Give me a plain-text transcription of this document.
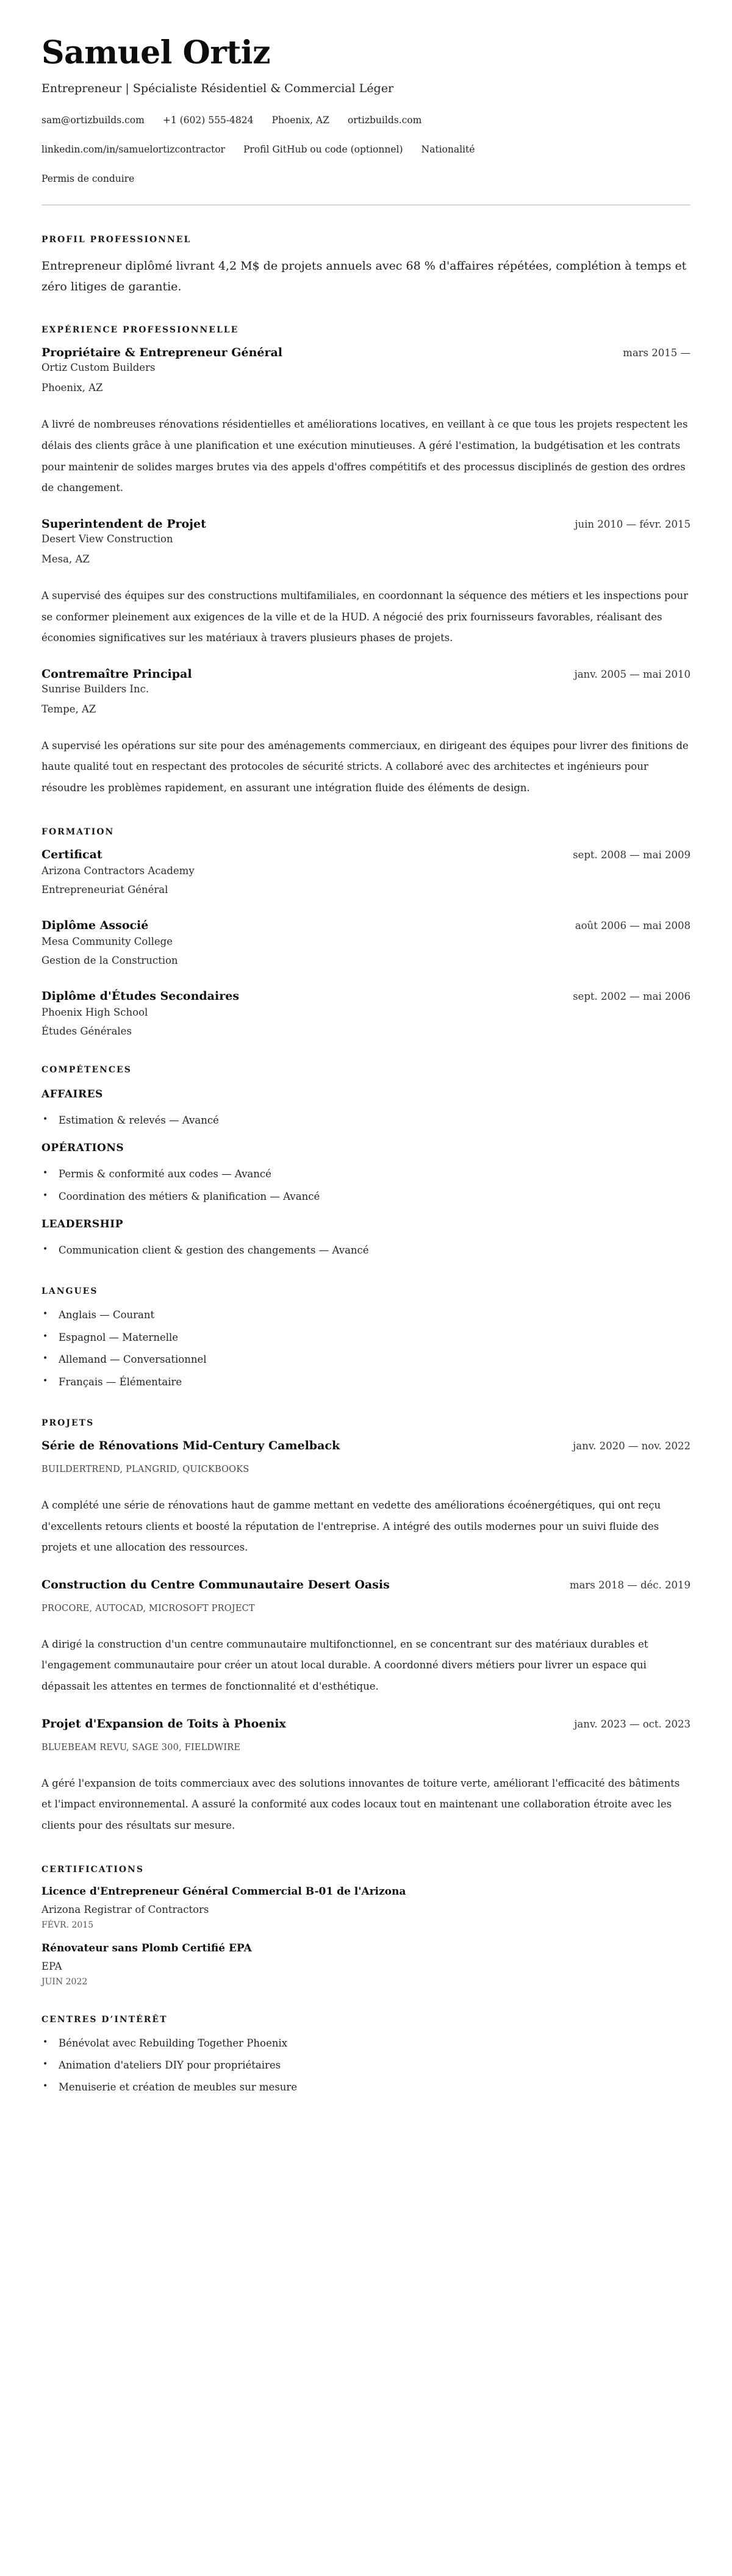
Samuel Ortiz
Entrepreneur | Spécialiste Résidentiel & Commercial Léger
sam@ortizbuilds.com +1 (602) 555-4824 Phoenix, AZ ortizbuilds.com
linkedin.com/in/samuelortizcontractor Profil GitHub ou code (optionnel) Nationalité
Permis de conduire
PROFIL PROFESSIONNEL

Entrepreneur diplômé livrant 4,2 M$ de projets annuels avec 68 % d'affaires répétées, complétion à temps et zéro litiges de garantie.

EXPÉRIENCE PROFESSIONNELLE
Propriétaire & Entrepreneur Général	mars 2015 —
Ortiz Custom Builders
Phoenix, AZ

A livré de nombreuses rénovations résidentielles et améliorations locatives, en veillant à ce que tous les projets respectent les délais des clients grâce à une planification et une exécution minutieuses. A géré l'estimation, la budgétisation et les contrats pour maintenir de solides marges brutes via des appels d'offres compétitifs et des processus disciplinés de gestion des ordres de changement.

Superintendent de Projet	juin 2010 — févr. 2015
Desert View Construction
Mesa, AZ

A supervisé des équipes sur des constructions multifamiliales, en coordonnant la séquence des métiers et les inspections pour se conformer pleinement aux exigences de la ville et de la HUD. A négocié des prix fournisseurs favorables, réalisant des économies significatives sur les matériaux à travers plusieurs phases de projets.

Contremaître Principal	janv. 2005 — mai 2010
Sunrise Builders Inc.
Tempe, AZ

A supervisé les opérations sur site pour des aménagements commerciaux, en dirigeant des équipes pour livrer des finitions de haute qualité tout en respectant des protocoles de sécurité stricts. A collaboré avec des architectes et ingénieurs pour résoudre les problèmes rapidement, en assurant une intégration fluide des éléments de design.

FORMATION
Certificat	sept. 2008 — mai 2009
Arizona Contractors Academy
Entrepreneuriat Général
Diplôme Associé	août 2006 — mai 2008
Mesa Community College
Gestion de la Construction
Diplôme d'Études Secondaires	sept. 2002 — mai 2006
Phoenix High School
Études Générales
COMPÉTENCES
AFFAIRES
•	Estimation & relevés — Avancé
OPÉRATIONS
•	Permis & conformité aux codes — Avancé
•	Coordination des métiers & planification — Avancé
LEADERSHIP
•	Communication client & gestion des changements — Avancé
LANGUES
•	Anglais — Courant
•	Espagnol — Maternelle
•	Allemand — Conversationnel
•	Français — Élémentaire
PROJETS
Série de Rénovations Mid-Century Camelback	janv. 2020 — nov. 2022
BUILDERTREND, PLANGRID, QUICKBOOKS

A complété une série de rénovations haut de gamme mettant en vedette des améliorations écoénergétiques, qui ont reçu d'excellents retours clients et boosté la réputation de l'entreprise. A intégré des outils modernes pour un suivi fluide des projets et une allocation des ressources.

Construction du Centre Communautaire Desert Oasis	mars 2018 — déc. 2019
PROCORE, AUTOCAD, MICROSOFT PROJECT

A dirigé la construction d'un centre communautaire multifonctionnel, en se concentrant sur des matériaux durables et l'engagement communautaire pour créer un atout local durable. A coordonné divers métiers pour livrer un espace qui dépassait les attentes en termes de fonctionnalité et d'esthétique.

Projet d'Expansion de Toits à Phoenix	janv. 2023 — oct. 2023
BLUEBEAM REVU, SAGE 300, FIELDWIRE

A géré l'expansion de toits commerciaux avec des solutions innovantes de toiture verte, améliorant l'efficacité des bâtiments et l'impact environnemental. A assuré la conformité aux codes locaux tout en maintenant une collaboration étroite avec les clients pour des résultats sur mesure.

CERTIFICATIONS
Licence d'Entrepreneur Général Commercial B-01 de l'Arizona
Arizona Registrar of Contractors
FÉVR. 2015
Rénovateur sans Plomb Certifié EPA
EPA
JUIN 2022
CENTRES D’INTÉRÊT
•	Bénévolat avec Rebuilding Together Phoenix
•	Animation d'ateliers DIY pour propriétaires
•	Menuiserie et création de meubles sur mesure
